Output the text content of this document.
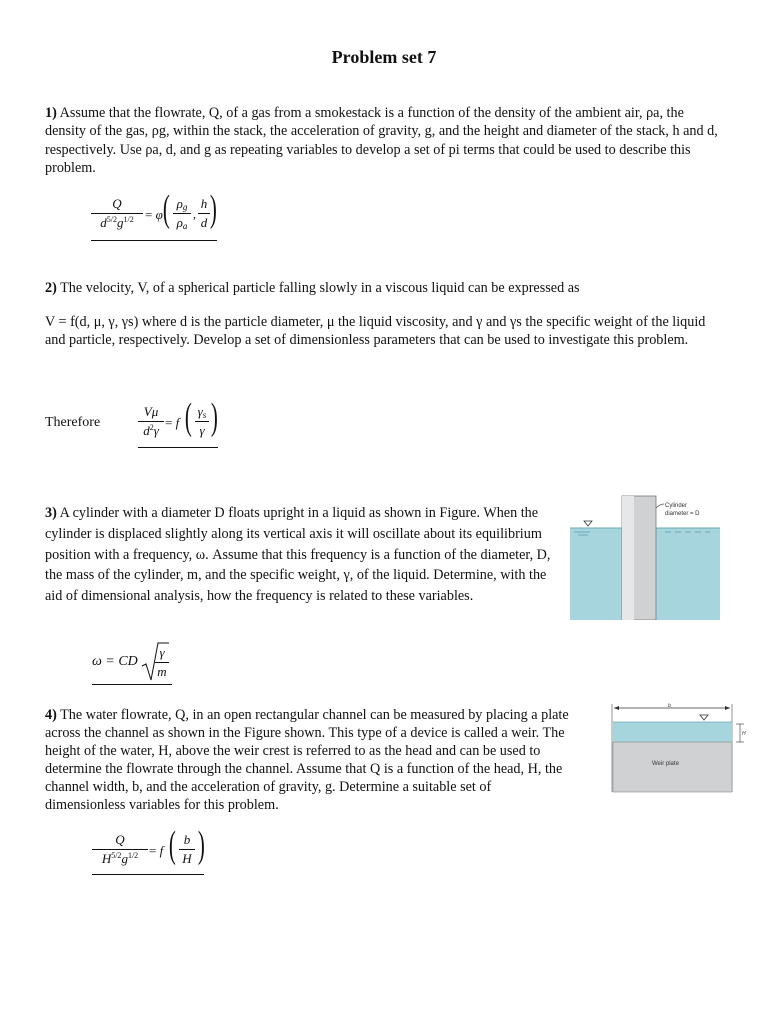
Problem set 7
1) Assume that the flowrate, Q, of a gas from a smokestack is a function of the density of the ambient air, ρa, the density of the gas, ρg, within the stack, the acceleration of gravity, g, and the height and diameter of the stack, h and d, respectively. Use ρa, d, and g as repeating variables to develop a set of pi terms that could be used to describe this problem.
Q
$d^{5/2}g^{1/2} = \varphi$ ( $\rho_g$
$\rho_a$
,
h
d )
2) The velocity, V, of a spherical particle falling slowly in a viscous liquid can be expressed as
V = f(d, μ, γ, γs) where d is the particle diameter, μ the liquid viscosity, and γ and γs the specific weight of the liquid and particle, respectively. Develop a set of dimensionless parameters that can be used to investigate this problem.
Therefore
Vμ
$d^2\gamma$
= f ( $\gamma_s$
γ )
3) A cylinder with a diameter D floats upright in a liquid as shown in Figure. When the cylinder is displaced slightly along its vertical axis it will oscillate about its equilibrium position with a frequency, ω. Assume that this frequency is a function of the diameter, D, the mass of the cylinder, m, and the specific weight, γ, of the liquid. Determine, with the aid of dimensional analysis, how the frequency is related to these variables.
ω = CD
γ
m
Cylinder
diameter = D
4) The water flowrate, Q, in an open rectangular channel can be measured by placing a plate across the channel as shown in the Figure shown. This type of a device is called a weir. The height of the water, H, above the weir crest is referred to as the head and can be used to determine the flowrate through the channel. Assume that Q is a function of the head, H, the channel width, b, and the acceleration of gravity, g. Determine a suitable set of dimensionless variables for this problem.
Q
$H^{5/2}g^{1/2} = f$ ( b
H )
b
Weir plate
H
